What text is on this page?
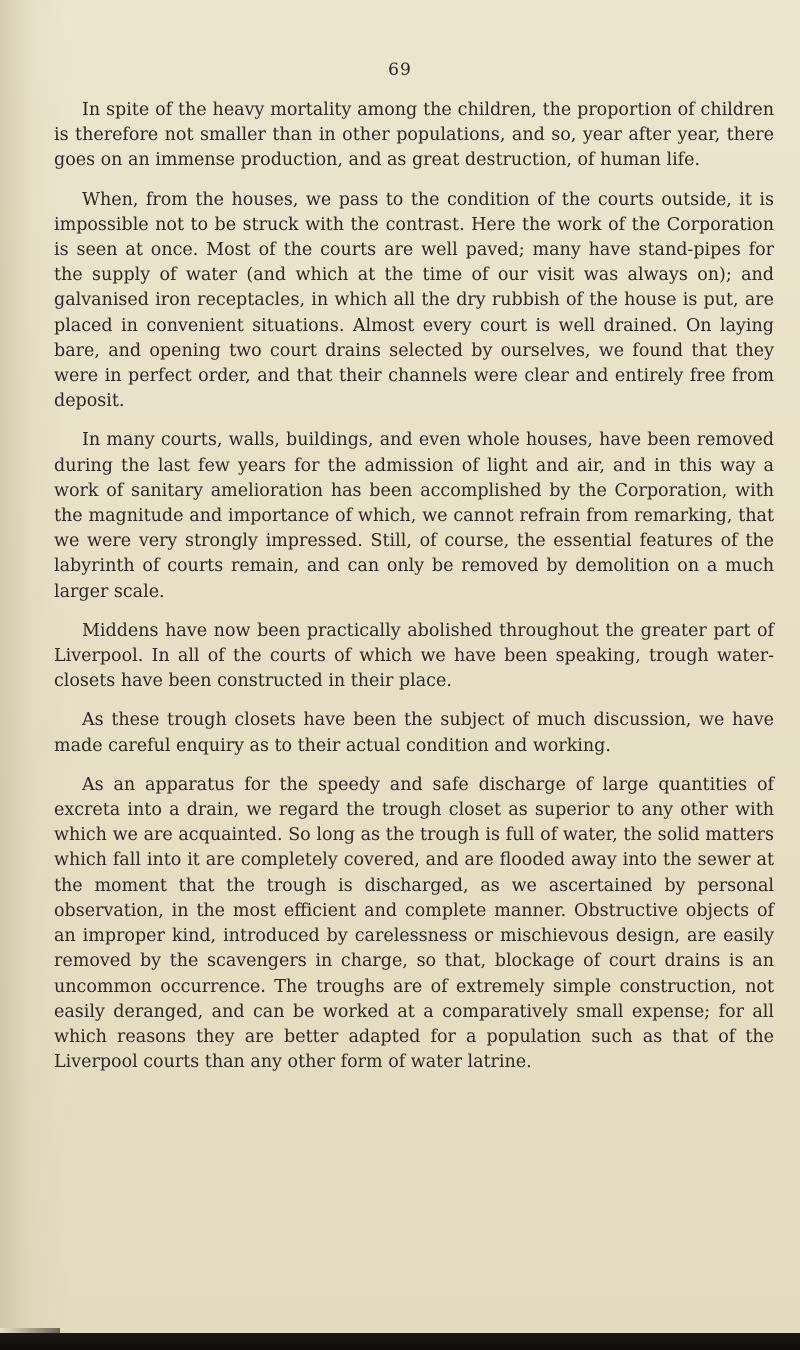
69

In spite of the heavy mortality among the children, the proportion of children is therefore not smaller than in other populations, and so, year after year, there goes on an immense production, and as great destruction, of human life.

When, from the houses, we pass to the condition of the courts outside, it is impossible not to be struck with the contrast. Here the work of the Corporation is seen at once. Most of the courts are well paved; many have stand-pipes for the supply of water (and which at the time of our visit was always on); and galvanised iron receptacles, in which all the dry rubbish of the house is put, are placed in convenient situations. Almost every court is well drained. On laying bare, and opening two court drains selected by ourselves, we found that they were in perfect order, and that their channels were clear and entirely free from deposit.

In many courts, walls, buildings, and even whole houses, have been removed during the last few years for the admission of light and air, and in this way a work of sanitary amelioration has been accomplished by the Corporation, with the magnitude and importance of which, we cannot refrain from remarking, that we were very strongly impressed. Still, of course, the essential features of the labyrinth of courts remain, and can only be removed by demolition on a much larger scale.

Middens have now been practically abolished throughout the greater part of Liverpool. In all of the courts of which we have been speaking, trough water-closets have been constructed in their place.

As these trough closets have been the subject of much discussion, we have made careful enquiry as to their actual condition and working.

As an apparatus for the speedy and safe discharge of large quantities of excreta into a drain, we regard the trough closet as superior to any other with which we are acquainted. So long as the trough is full of water, the solid matters which fall into it are completely covered, and are flooded away into the sewer at the moment that the trough is discharged, as we ascertained by personal observation, in the most efficient and complete manner. Obstructive objects of an improper kind, introduced by carelessness or mischievous design, are easily removed by the scavengers in charge, so that, blockage of court drains is an uncommon occurrence. The troughs are of extremely simple construction, not easily deranged, and can be worked at a comparatively small expense; for all which reasons they are better adapted for a population such as that of the Liverpool courts than any other form of water latrine.
